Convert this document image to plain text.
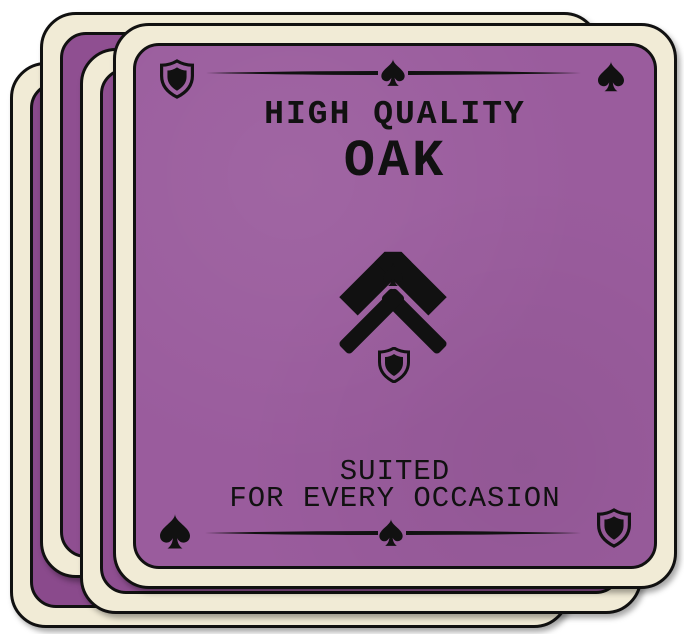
HIGH QUALITY
OAK
SUITED
FOR EVERY OCCASION
